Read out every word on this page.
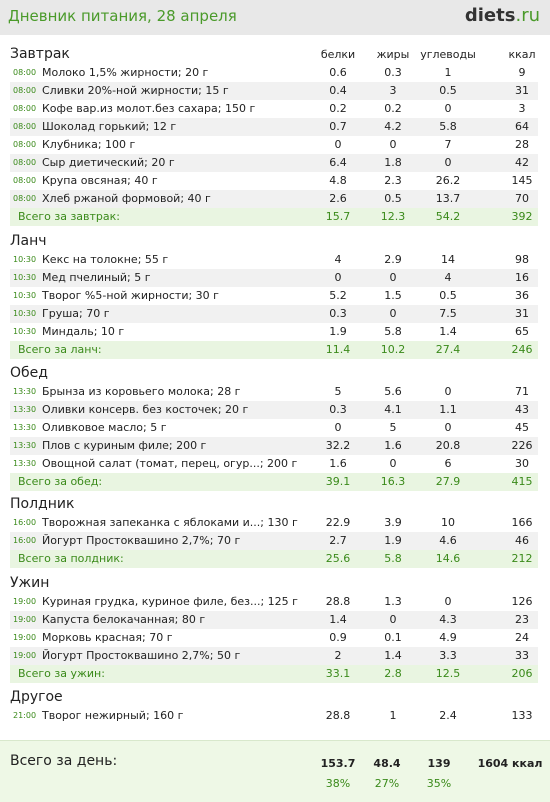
Дневник питания, 28 апреля	diets.ru
белки	жиры углеводы	ккал
Завтрак
08:00 Молоко 1,5% жирности; 20 г	0.6	0.3	1	9
08:00 Сливки 20%-ной жирности; 15 г	0.4	3	0.5	31
08:00 Кофе вар.из молот.без сахара; 150 г	0.2	0.2	0	3
08:00 Шоколад горький; 12 г	0.7	4.2	5.8	64
08:00 Клубника; 100 г	0	0	7	28
08:00 Сыр диетический; 20 г	6.4	1.8	0	42
08:00 Крупа овсяная; 40 г	4.8	2.3	26.2	145
08:00 Хлеб ржаной формовой; 40 г	2.6	0.5	13.7	70
Всего за завтрак:	15.7	12.3	54.2	392
Ланч
10:30 Кекс на толокне; 55 г	4	2.9	14	98
10:30 Мед пчелиный; 5 г	0	0	4	16
10:30 Творог %5-ной жирности; 30 г	5.2	1.5	0.5	36
10:30 Груша; 70 г	0.3	0	7.5	31
10:30 Миндаль; 10 г	1.9	5.8	1.4	65
Всего за ланч:	11.4	10.2	27.4	246
Обед
13:30 Брынза из коровьего молока; 28 г	5	5.6	0	71
13:30 Оливки консерв. без косточек; 20 г	0.3	4.1	1.1	43
13:30 Оливковое масло; 5 г	0	5	0	45
13:30 Плов с куриным филе; 200 г	32.2	1.6	20.8	226
13:30 Овощной салат (томат, перец, огур...; 200 г	1.6	0	6	30
Всего за обед:	39.1	16.3	27.9	415
Полдник
16:00 Творожная запеканка с яблоками и...; 130 г	22.9	3.9	10	166
16:00 Йогурт Простоквашино 2,7%; 70 г	2.7	1.9	4.6	46
Всего за полдник:	25.6	5.8	14.6	212
Ужин
19:00 Куриная грудка, куриное филе, без...; 125 г	28.8	1.3	0	126
19:00 Капуста белокачанная; 80 г	1.4	0	4.3	23
19:00 Морковь красная; 70 г	0.9	0.1	4.9	24
19:00 Йогурт Простоквашино 2,7%; 50 г	2	1.4	3.3	33
Всего за ужин:	33.1	2.8	12.5	206
Другое
21:00 Творог нежирный; 160 г	28.8	1	2.4	133
Всего за день:	153.7	48.4	139	1604 ккал
38%	27%	35%
